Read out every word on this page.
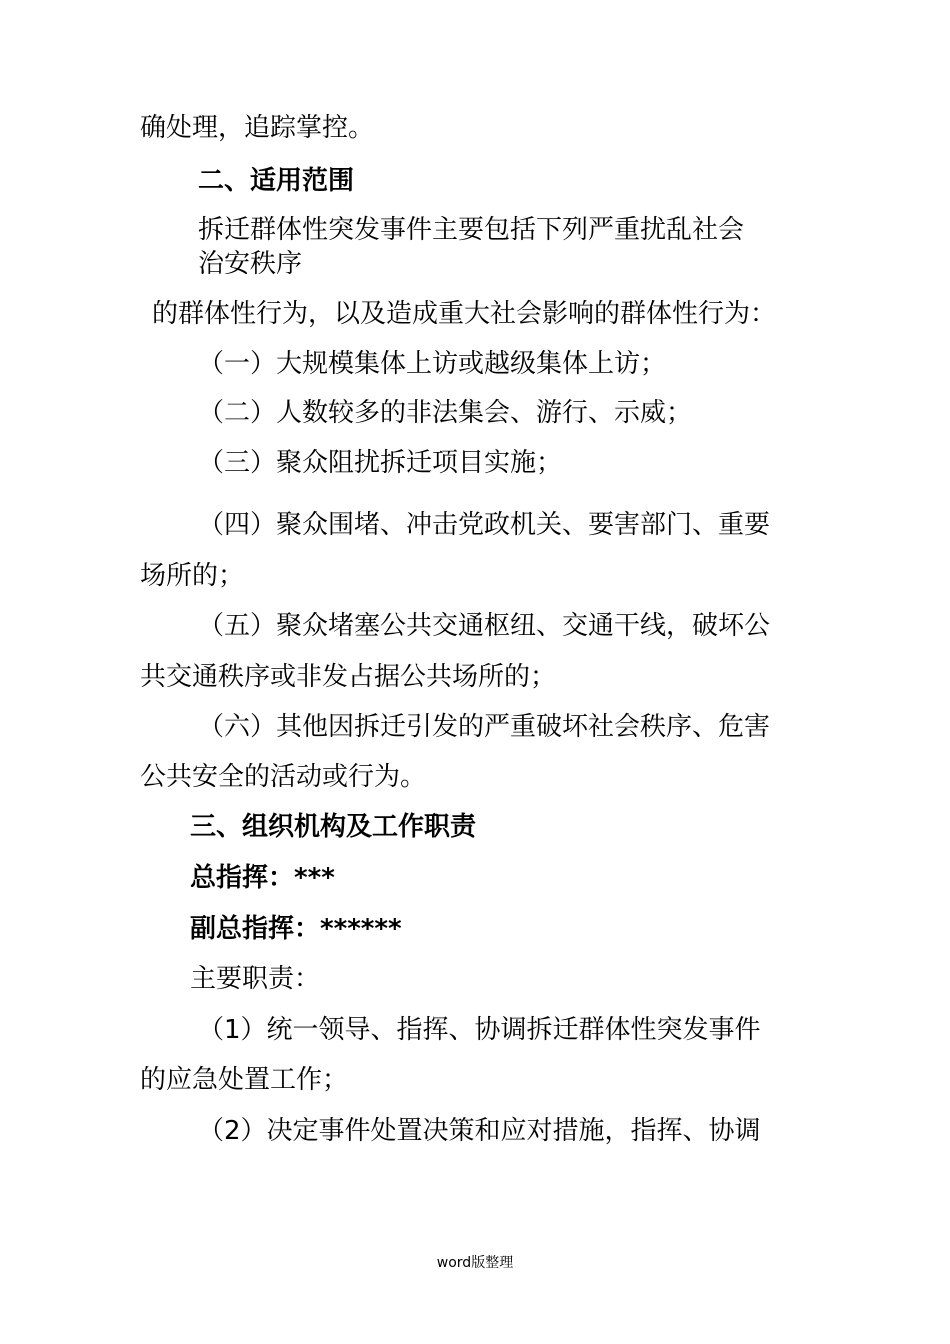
确处理，追踪掌控。

二、适用范围

拆迁群体性突发事件主要包括下列严重扰乱社会

治安秩序

的群体性行为，以及造成重大社会影响的群体性行为：

（一）大规模集体上访或越级集体上访；

（二）人数较多的非法集会、游行、示威；

（三）聚众阻扰拆迁项目实施；

（四）聚众围堵、冲击党政机关、要害部门、重要

场所的；

（五）聚众堵塞公共交通枢纽、交通干线，破坏公

共交通秩序或非发占据公共场所的；

（六）其他因拆迁引发的严重破坏社会秩序、危害

公共安全的活动或行为。

三、组织机构及工作职责

总指挥：***

副总指挥：******

主要职责：

（1）统一领导、指挥、协调拆迁群体性突发事件

的应急处置工作；

（2）决定事件处置决策和应对措施，指挥、协调

word版整理
